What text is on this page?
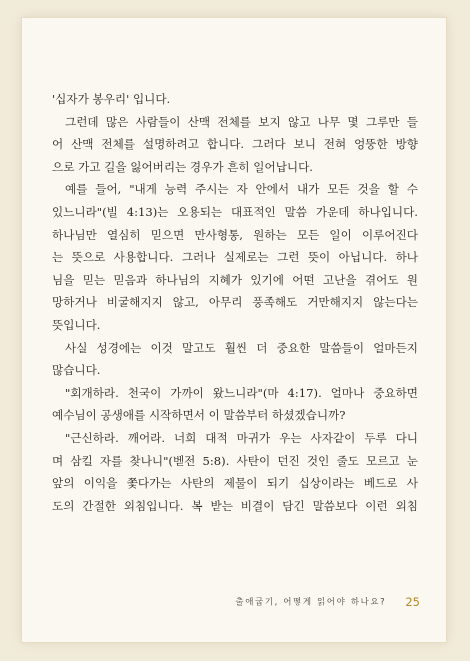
'십자가 봉우리' 입니다.
그런데 많은 사람들이 산맥 전체를 보지 않고 나무 몇 그루만 들
어 산맥 전체를 설명하려고 합니다. 그러다 보니 전혀 엉뚱한 방향
으로 가고 길을 잃어버리는 경우가 흔히 일어납니다.
예를 들어, "내게 능력 주시는 자 안에서 내가 모든 것을 할 수
있느니라"(빌 4:13)는 오용되는 대표적인 말씀 가운데 하나입니다.
하나님만 열심히 믿으면 만사형통, 원하는 모든 일이 이루어진다
는 뜻으로 사용합니다. 그러나 실제로는 그런 뜻이 아닙니다. 하나
님을 믿는 믿음과 하나님의 지혜가 있기에 어떤 고난을 겪어도 원
망하거나 비굴해지지 않고, 아무리 풍족해도 거만해지지 않는다는
뜻입니다.
사실 성경에는 이것 말고도 훨씬 더 중요한 말씀들이 얼마든지
많습니다.
"회개하라. 천국이 가까이 왔느니라"(마 4:17). 얼마나 중요하면
예수님이 공생애를 시작하면서 이 말씀부터 하셨겠습니까?
"근신하라. 깨어라. 너희 대적 마귀가 우는 사자같이 두루 다니
며 삼킬 자를 찾나니"(벧전 5:8). 사탄이 던진 것인 줄도 모르고 눈
앞의 이익을 쫓다가는 사탄의 제물이 되기 십상이라는 베드로 사
도의 간절한 외침입니다. 복 받는 비결이 담긴 말씀보다 이런 외침
출애굽기, 어떻게 읽어야 하나요? 25
